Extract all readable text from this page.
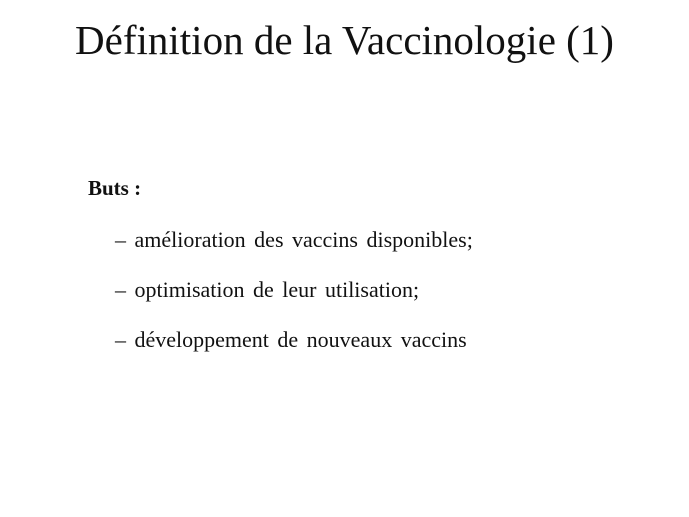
Définition de la Vaccinologie (1)
Buts :
– amélioration des vaccins disponibles;
– optimisation de leur utilisation;
– développement de nouveaux vaccins
